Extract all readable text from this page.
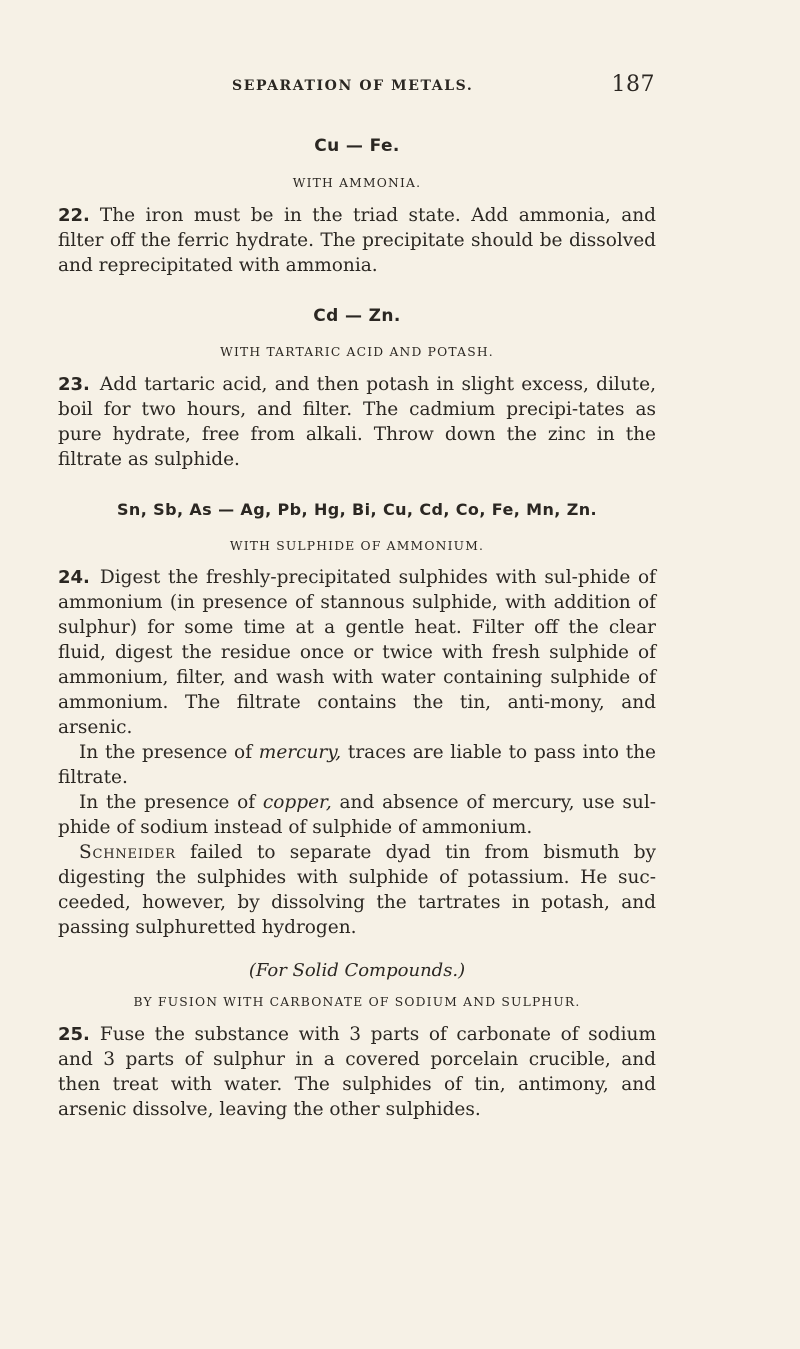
SEPARATION OF METALS.	187

Cu — Fe.

WITH AMMONIA.

22. The iron must be in the triad state. Add ammonia, and filter off the ferric hydrate. The precipitate should be dissolved and reprecipitated with ammonia.

Cd — Zn.

WITH TARTARIC ACID AND POTASH.

23. Add tartaric acid, and then potash in slight excess, dilute, boil for two hours, and filter. The cadmium precipi-tates as pure hydrate, free from alkali. Throw down the zinc in the filtrate as sulphide.

Sn, Sb, As — Ag, Pb, Hg, Bi, Cu, Cd, Co, Fe, Mn, Zn.

WITH SULPHIDE OF AMMONIUM.

24. Digest the freshly-precipitated sulphides with sul-phide of ammonium (in presence of stannous sulphide, with addition of sulphur) for some time at a gentle heat. Filter off the clear fluid, digest the residue once or twice with fresh sulphide of ammonium, filter, and wash with water containing sulphide of ammonium. The filtrate contains the tin, anti-mony, and arsenic.

In the presence of mercury, traces are liable to pass into the filtrate.

In the presence of copper, and absence of mercury, use sul-phide of sodium instead of sulphide of ammonium.

Schneider failed to separate dyad tin from bismuth by digesting the sulphides with sulphide of potassium. He suc-ceeded, however, by dissolving the tartrates in potash, and passing sulphuretted hydrogen.

(For Solid Compounds.)

BY FUSION WITH CARBONATE OF SODIUM AND SULPHUR.

25. Fuse the substance with 3 parts of carbonate of sodium and 3 parts of sulphur in a covered porcelain crucible, and then treat with water. The sulphides of tin, antimony, and arsenic dissolve, leaving the other sulphides.
